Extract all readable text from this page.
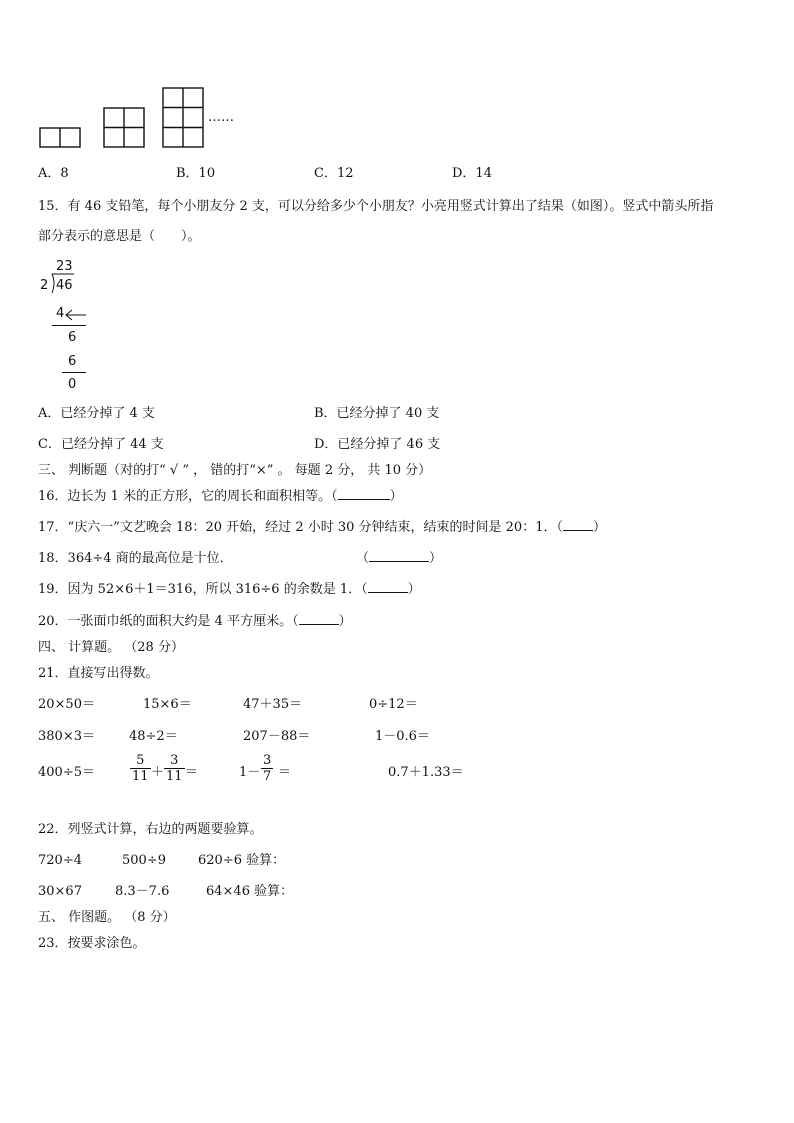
……
A．8	B．10	C．12	D．14
15．有 46 支铅笔，每个小朋友分 2 支，可以分给多少个小朋友？小亮用竖式计算出了结果（如图）。竖式中箭头所指
部分表示的意思是（　　）。
23
2 46
4
6
6
0
A．已经分掉了 4 支	B．已经分掉了 40 支
C．已经分掉了 44 支	D．已经分掉了 46 支
三、 判断题（对的打“ √ ” ， 错的打“×” 。 每题 2 分， 共 10 分）
16．边长为 1 米的正方形，它的周长和面积相等。（	）
17．“庆六一”文艺晚会 18：20 开始，经过 2 小时 30 分钟结束，结束的时间是 20：1．（ ）
18．364÷4 商的最高位是十位．	（	）
19．因为 52×6＋1＝316，所以 316÷6 的余数是 1．（	）
20．一张面巾纸的面积大约是 4 平方厘米。（	）
四、 计算题。 （28 分）
21．直接写出得数。
20×50＝	15×6＝	47＋35＝	0÷12＝
380×3＝	48÷2＝	207－88＝	1－0.6＝
400÷5＝	$\frac{5}{11} + \frac{3}{11}$ ＝	$1- \frac{3}{7}$ ＝	0.7＋1.33＝
22．列竖式计算，右边的两题要验算。
720÷4	500÷9 620÷6 验算：
30×67	8.3－7.6	64×46 验算：
五、 作图题。 （8 分）
23．按要求涂色。
